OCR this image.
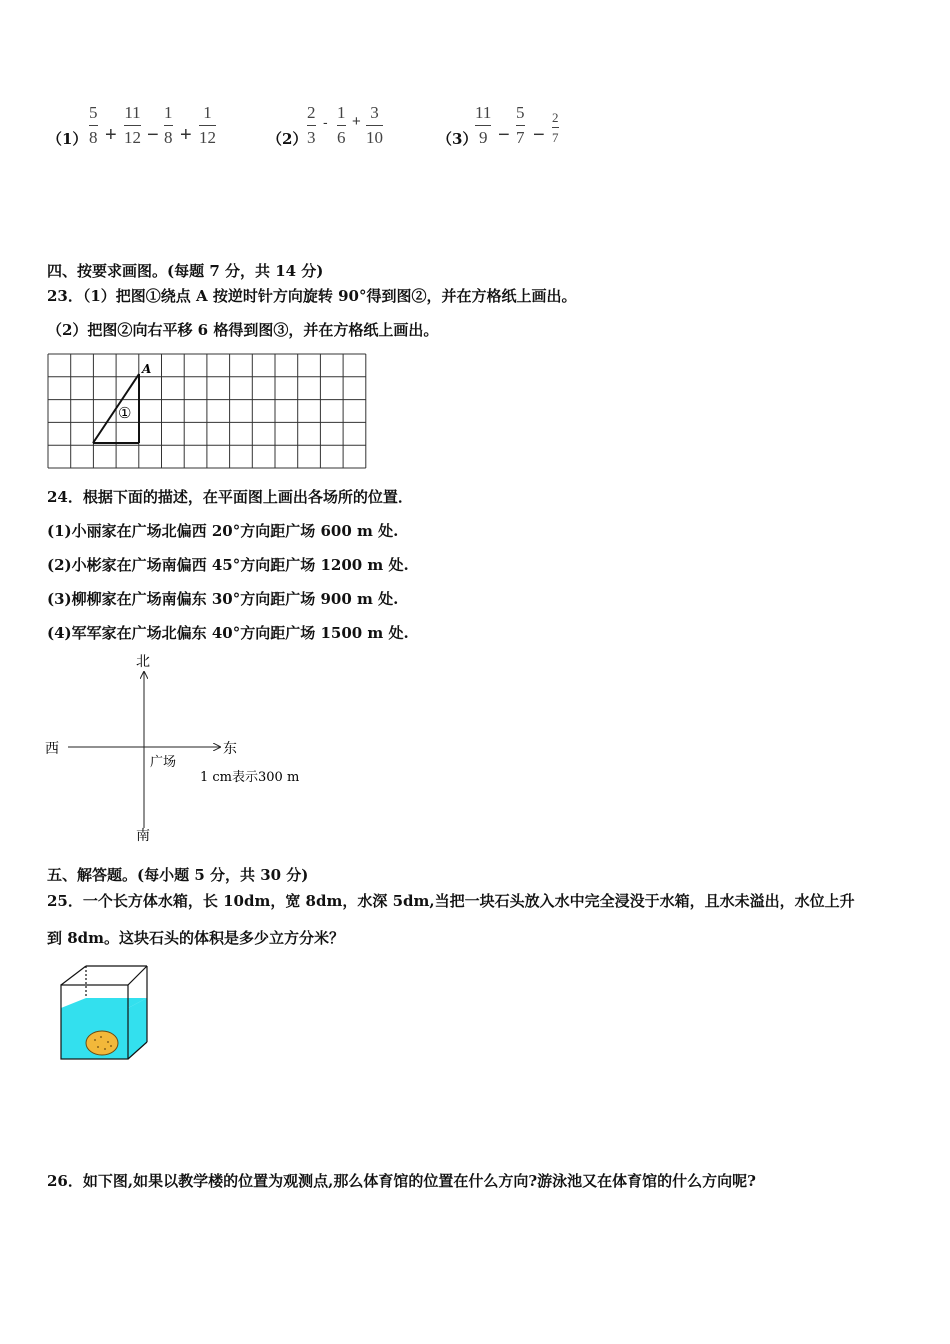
（1）
5
8 +
11
12 −
1
8 +
1
12	（2）
2
3
- 1
6
+ 3
10	（3）
11
9 −
5
7 −
2
7
四、按要求画图。(每题 7 分，共 14 分)
23．（1）把图①绕点 A 按逆时针方向旋转 90°得到图②，并在方格纸上画出。
（2）把图②向右平移 6 格得到图③，并在方格纸上画出。
A
①
24．根据下面的描述，在平面图上画出各场所的位置．
(1)小丽家在广场北偏西 20°方向距广场 600 m 处.
(2)小彬家在广场南偏西 45°方向距广场 1200 m 处.
(3)柳柳家在广场南偏东 30°方向距广场 900 m 处.
(4)军军家在广场北偏东 40°方向距广场 1500 m 处.
北
南
西	东
广场
1 cm表示300 m
五、解答题。(每小题 5 分，共 30 分)
25．一个长方体水箱，长 10dm，宽 8dm，水深 5dm,当把一块石头放入水中完全浸没于水箱，且水未溢出，水位上升
到 8dm。这块石头的体积是多少立方分米？
26．如下图,如果以教学楼的位置为观测点,那么体育馆的位置在什么方向?游泳池又在体育馆的什么方向呢?
